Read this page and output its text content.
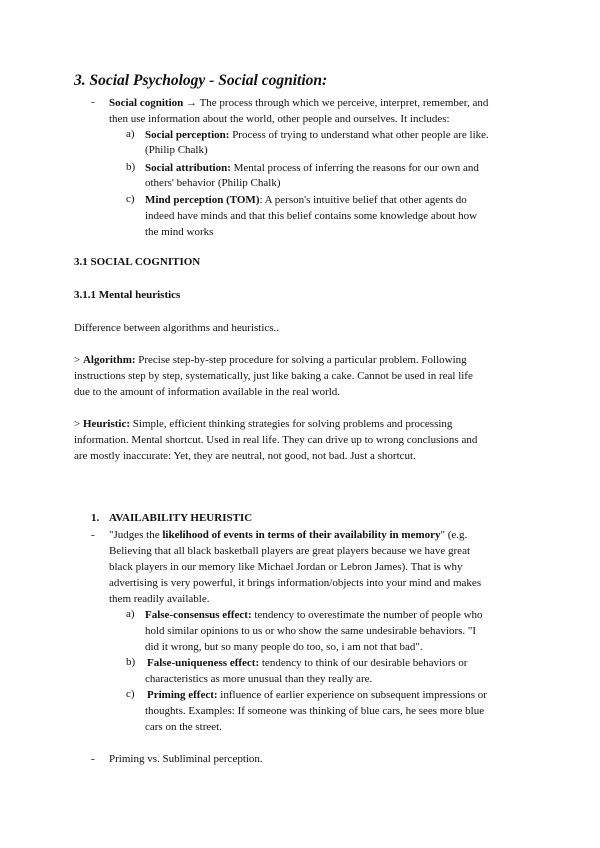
3. Social Psychology - Social cognition:
- Social cognition → The process through which we perceive, interpret, remember, and
then use information about the world, other people and ourselves. It includes:
a) Social perception: Process of trying to understand what other people are like.
(Philip Chalk)
b) Social attribution: Mental process of inferring the reasons for our own and
others' behavior (Philip Chalk)
c) Mind perception (TOM): A person's intuitive belief that other agents do
indeed have minds and that this belief contains some knowledge about how
the mind works
3.1 SOCIAL COGNITION
3.1.1 Mental heuristics
Difference between algorithms and heuristics..
> Algorithm: Precise step-by-step procedure for solving a particular problem. Following
instructions step by step, systematically, just like baking a cake. Cannot be used in real life
due to the amount of information available in the real world.
> Heuristic: Simple, efficient thinking strategies for solving problems and processing
information. Mental shortcut. Used in real life. They can drive up to wrong conclusions and
are mostly inaccurate: Yet, they are neutral, not good, not bad. Just a shortcut.
1. AVAILABILITY HEURISTIC
- "Judges the likelihood of events in terms of their availability in memory" (e.g.
Believing that all black basketball players are great players because we have great
black players in our memory like Michael Jordan or Lebron James). That is why
advertising is very powerful, it brings information/objects into your mind and makes
them readily available.
a) False-consensus effect: tendency to overestimate the number of people who
hold similar opinions to us or who show the same undesirable behaviors. "I
did it wrong, but so many people do too, so, i am not that bad".
b) False-uniqueness effect: tendency to think of our desirable behaviors or
characteristics as more unusual than they really are.
c) Priming effect: influence of earlier experience on subsequent impressions or
thoughts. Examples: If someone was thinking of blue cars, he sees more blue
cars on the street.
- Priming vs. Subliminal perception.
